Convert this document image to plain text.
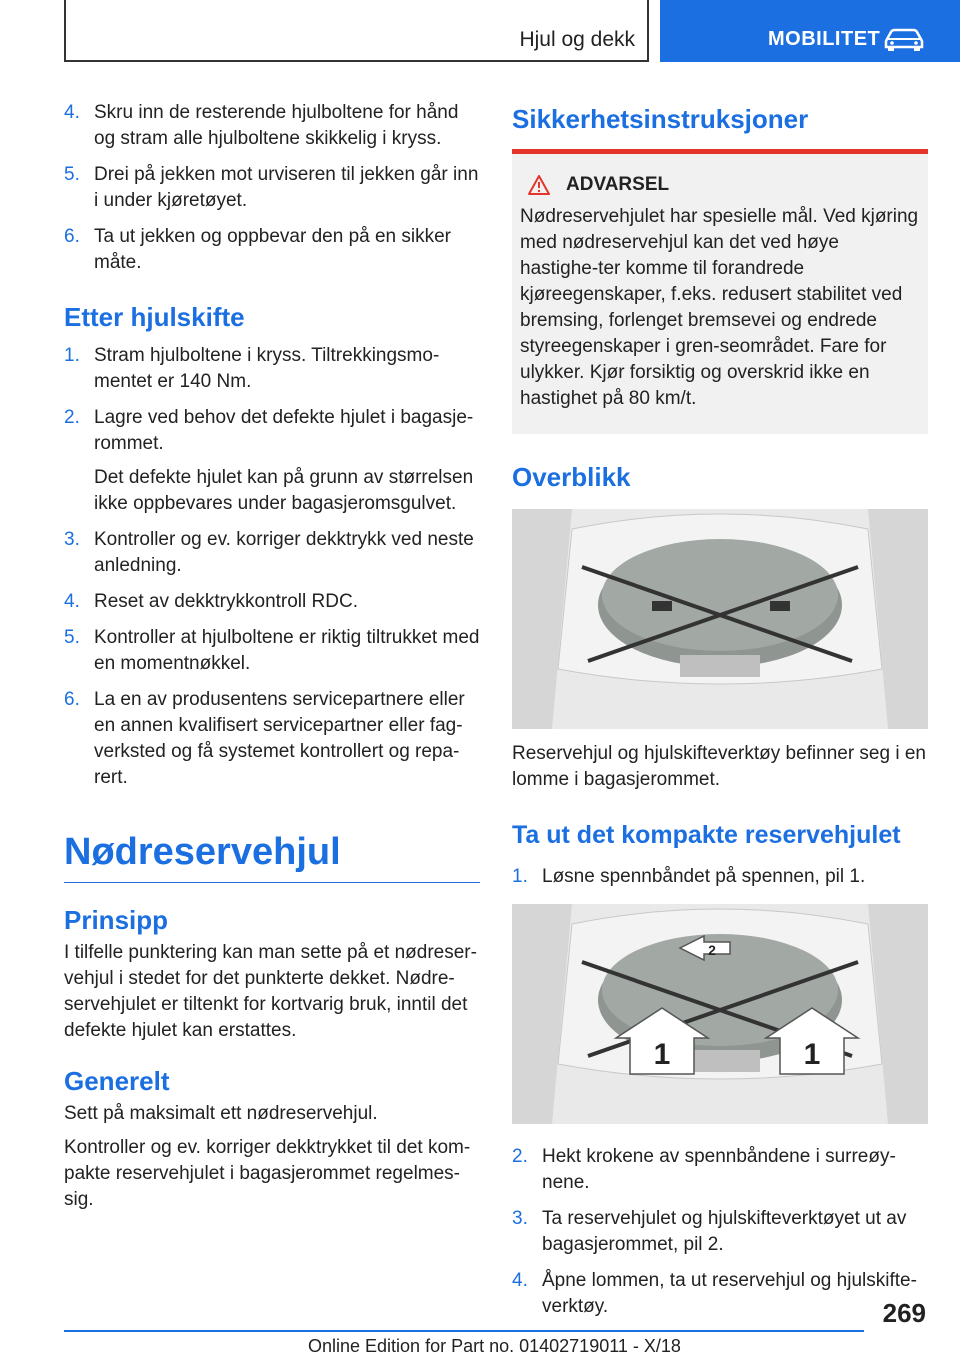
Hjul og dekk	MOBILITET
4. Skru inn de resterende hjulboltene for hånd og stram alle hjulboltene skikkelig i kryss.
5. Drei på jekken mot urviseren til jekken går inn i under kjøretøyet.
6. Ta ut jekken og oppbevar den på en sikker måte.
Etter hjulskifte
1. Stram hjulboltene i kryss. Tiltrekkingsmo-mentet er 140 Nm.
2. Lagre ved behov det defekte hjulet i bagasje-rommet.

Det defekte hjulet kan på grunn av størrelsen ikke oppbevares under bagasjeromsgulvet.

3. Kontroller og ev. korriger dekktrykk ved neste anledning.
4. Reset av dekktrykkontroll RDC.
5. Kontroller at hjulboltene er riktig tiltrukket med en momentnøkkel.
6. La en av produsentens servicepartnere eller en annen kvalifisert servicepartner eller fag-verksted og få systemet kontrollert og repa-rert.
Nødreservehjul
Prinsipp

I tilfelle punktering kan man sette på et nødreser-vehjul i stedet for det punkterte dekket. Nødre-servehjulet er tiltenkt for kortvarig bruk, inntil det defekte hjulet kan erstattes.

Generelt

Sett på maksimalt ett nødreservehjul.

Kontroller og ev. korriger dekktrykket til det kom-pakte reservehjulet i bagasjerommet regelmes-sig.

Sikkerhetsinstruksjoner
ADVARSEL
Nødreservehjulet har spesielle mål. Ved kjøring med nødreservehjul kan det ved høye hastighe-ter komme til forandrede kjøreegenskaper, f.eks. redusert stabilitet ved bremsing, forlenget bremsevei og endrede styreegenskaper i gren-seområdet. Fare for ulykker. Kjør forsiktig og overskrid ikke en hastighet på 80 km/t.
Overblikk

Reservehjul og hjulskifteverktøy befinner seg i en lomme i bagasjerommet.

Ta ut det kompakte reservehjulet
1. Løsne spennbåndet på spennen, pil 1.
1	1
2
2. Hekt krokene av spennbåndene i surreøy-nene.
3. Ta reservehjulet og hjulskifteverktøyet ut av bagasjerommet, pil 2.
4. Åpne lommen, ta ut reservehjul og hjulskifte-verktøy.	269
Online Edition for Part no. 01402719011 - X/18
